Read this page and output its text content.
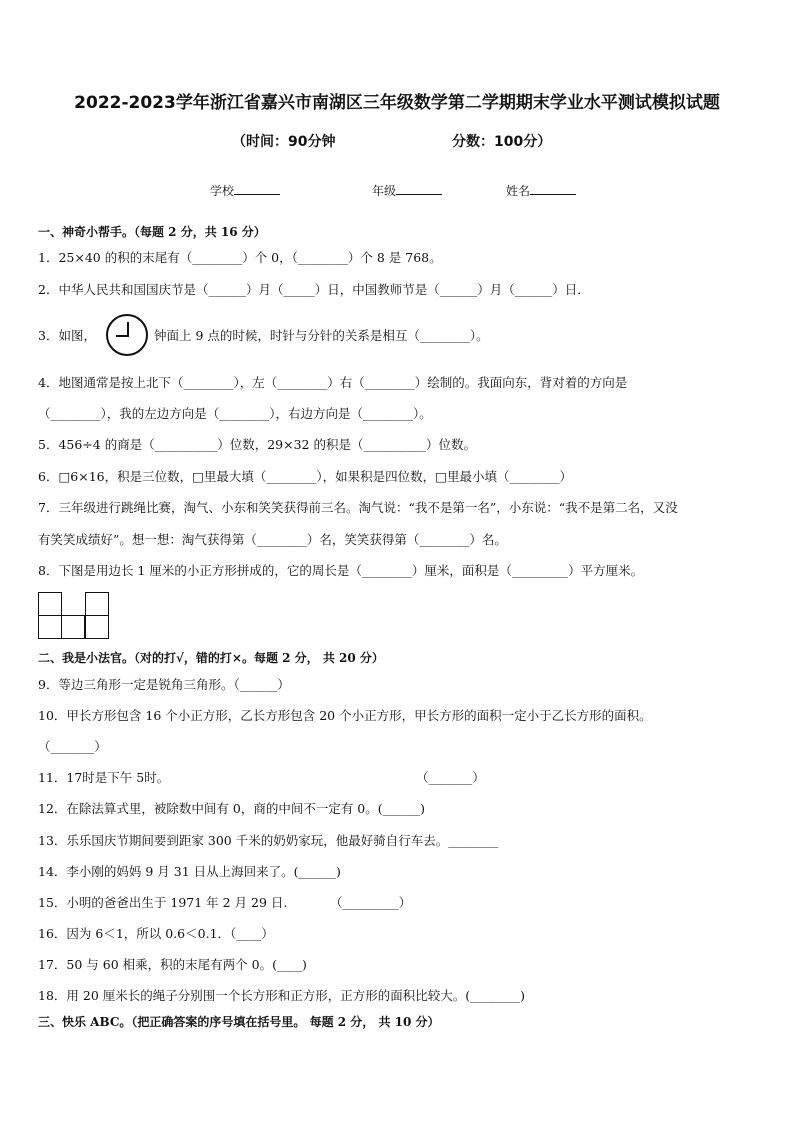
2022-2023学年浙江省嘉兴市南湖区三年级数学第二学期期末学业水平测试模拟试题
（时间：90分钟	分数：100分）
学校	年级	姓名
一、神奇小帮手。（每题 2 分，共 16 分）
1．25×40 的积的末尾有（________）个 0，（________）个 8 是 768。
2．中华人民共和国国庆节是（______）月（_____）日，中国教师节是（______）月（______）日．
3．如图，	钟面上 9 点的时候，时针与分针的关系是相互（________）。
4．地图通常是按上北下（________），左（________）右（________）绘制的。我面向东，背对着的方向是
（________），我的左边方向是（________），右边方向是（________）。
5．456÷4 的商是（__________）位数，29×32 的积是（__________）位数。
6．□6×16，积是三位数，□里最大填（________），如果积是四位数，□里最小填（________）
7．三年级进行跳绳比赛，淘气、小东和笑笑获得前三名。淘气说：“我不是第一名”，小东说：“我不是第二名，又没
有笑笑成绩好”。想一想：淘气获得第（________）名，笑笑获得第（________）名。
8．下图是用边长 1 厘米的小正方形拼成的，它的周长是（________）厘米，面积是（_________）平方厘米。
二、我是小法官。（对的打√，错的打×。每题 2 分， 共 20 分）
9．等边三角形一定是锐角三角形。（______）
10．甲长方形包含 16 个小正方形，乙长方形包含 20 个小正方形，甲长方形的面积一定小于乙长方形的面积。
（_______）
11．17时是下午 5时。	（_______）
12．在除法算式里，被除数中间有 0，商的中间不一定有 0。(______)
13．乐乐国庆节期间要到距家 300 千米的奶奶家玩，他最好骑自行车去。________
14．李小刚的妈妈 9 月 31 日从上海回来了。(______)
15．小明的爸爸出生于 1971 年 2 月 29 日.	（_________）
16．因为 6＜1，所以 0.6＜0.1．（____）
17．50 与 60 相乘，积的末尾有两个 0。(____)
18．用 20 厘米长的绳子分别围一个长方形和正方形，正方形的面积比较大。(________)
三、快乐 ABC。（把正确答案的序号填在括号里。 每题 2 分， 共 10 分）
